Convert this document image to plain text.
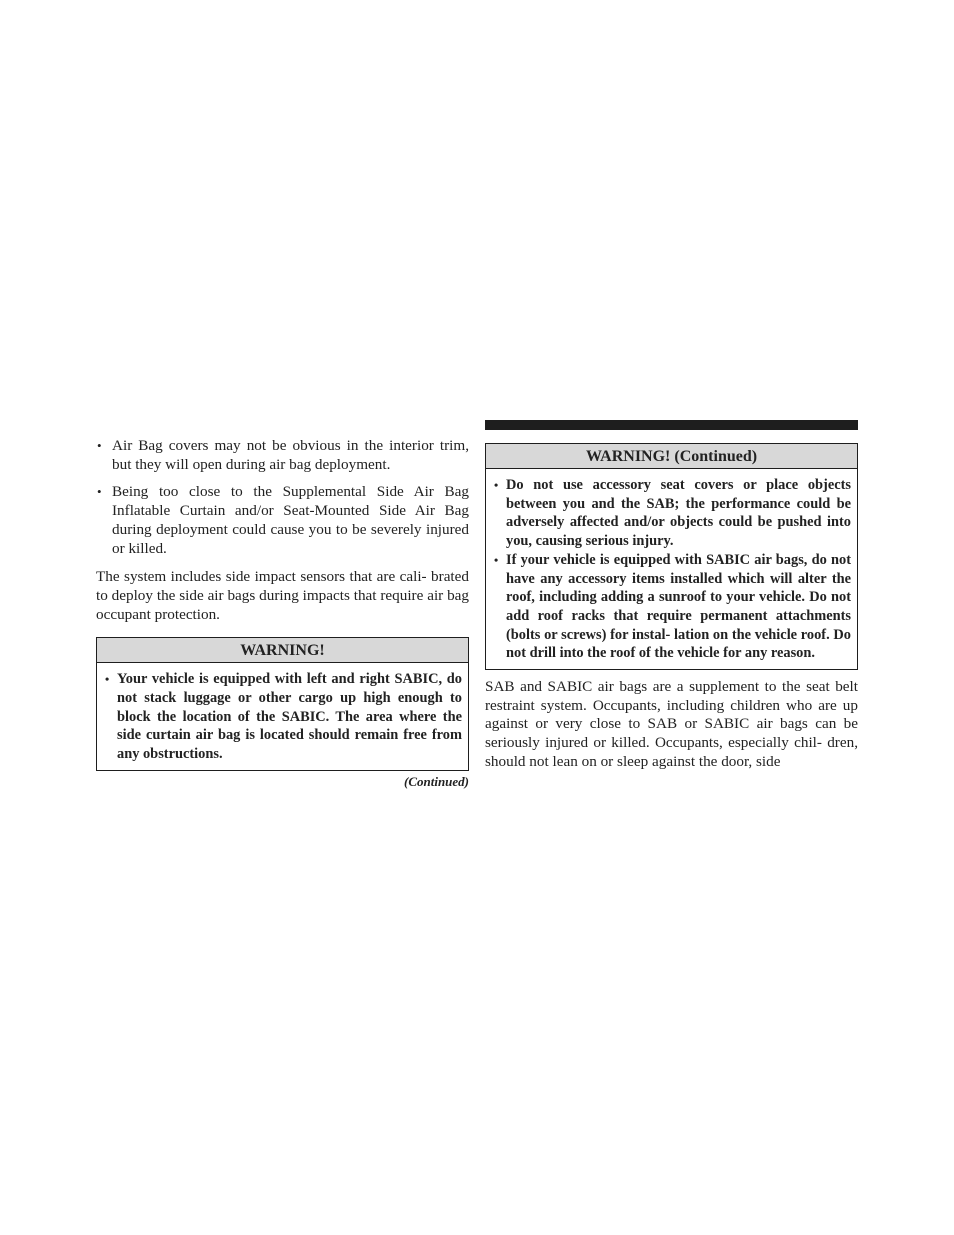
• Air Bag covers may not be obvious in the interior trim, but they will open during air bag deployment.
• Being too close to the Supplemental Side Air Bag Inflatable Curtain and/or Seat-Mounted Side Air Bag during deployment could cause you to be severely injured or killed.

The system includes side impact sensors that are cali- brated to deploy the side air bags during impacts that require air bag occupant protection.

WARNING!
• Your vehicle is equipped with left and right SABIC, do not stack luggage or other cargo up high enough to block the location of the SABIC. The area where the side curtain air bag is located should remain free from any obstructions.
(Continued)
WARNING! (Continued)
• Do not use accessory seat covers or place objects between you and the SAB; the performance could be adversely affected and/or objects could be pushed into you, causing serious injury.
• If your vehicle is equipped with SABIC air bags, do not have any accessory items installed which will alter the roof, including adding a sunroof to your vehicle. Do not add roof racks that require permanent attachments (bolts or screws) for instal- lation on the vehicle roof. Do not drill into the roof of the vehicle for any reason.

SAB and SABIC air bags are a supplement to the seat belt restraint system. Occupants, including children who are up against or very close to SAB or SABIC air bags can be seriously injured or killed. Occupants, especially chil- dren, should not lean on or sleep against the door, side
